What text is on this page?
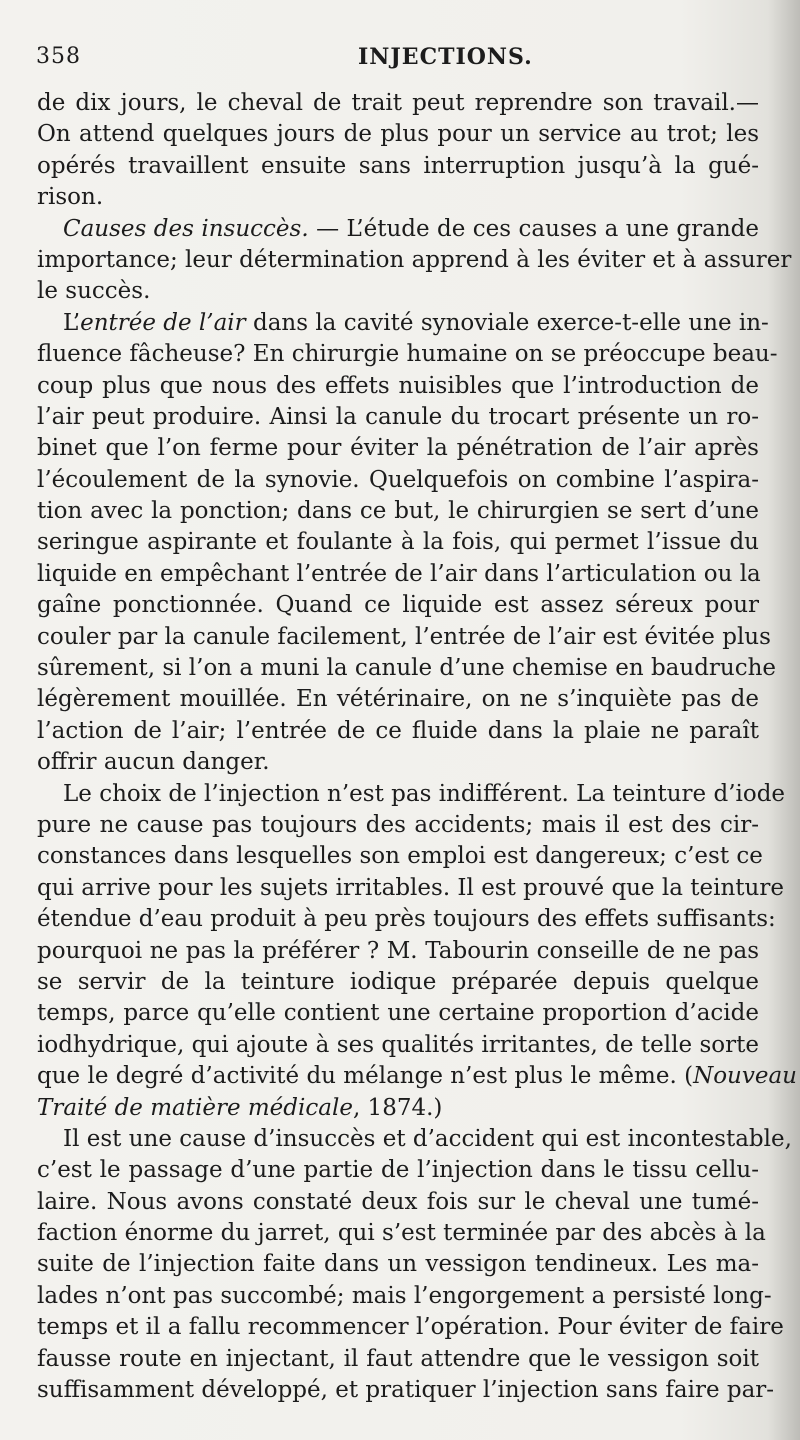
358	INJECTIONS.
de dix jours, le cheval de trait peut reprendre son travail.—
On attend quelques jours de plus pour un service au trot; les
opérés travaillent ensuite sans interruption jusqu’à la gué-
rison.
Causes des insuccès. — L’étude de ces causes a une grande
importance; leur détermination apprend à les éviter et à assurer
le succès.
L’entrée de l’air dans la cavité synoviale exerce-t-elle une in-
fluence fâcheuse? En chirurgie humaine on se préoccupe beau-
coup plus que nous des effets nuisibles que l’introduction de
l’air peut produire. Ainsi la canule du trocart présente un ro-
binet que l’on ferme pour éviter la pénétration de l’air après
l’écoulement de la synovie. Quelquefois on combine l’aspira-
tion avec la ponction; dans ce but, le chirurgien se sert d’une
seringue aspirante et foulante à la fois, qui permet l’issue du
liquide en empêchant l’entrée de l’air dans l’articulation ou la
gaîne ponctionnée. Quand ce liquide est assez séreux pour
couler par la canule facilement, l’entrée de l’air est évitée plus
sûrement, si l’on a muni la canule d’une chemise en baudruche
légèrement mouillée. En vétérinaire, on ne s’inquiète pas de
l’action de l’air; l’entrée de ce fluide dans la plaie ne paraît
offrir aucun danger.
Le choix de l’injection n’est pas indifférent. La teinture d’iode
pure ne cause pas toujours des accidents; mais il est des cir-
constances dans lesquelles son emploi est dangereux; c’est ce
qui arrive pour les sujets irritables. Il est prouvé que la teinture
étendue d’eau produit à peu près toujours des effets suffisants:
pourquoi ne pas la préférer ? M. Tabourin conseille de ne pas
se servir de la teinture iodique préparée depuis quelque
temps, parce qu’elle contient une certaine proportion d’acide
iodhydrique, qui ajoute à ses qualités irritantes, de telle sorte
que le degré d’activité du mélange n’est plus le même. (Nouveau
Traité de matière médicale, 1874.)
Il est une cause d’insuccès et d’accident qui est incontestable,
c’est le passage d’une partie de l’injection dans le tissu cellu-
laire. Nous avons constaté deux fois sur le cheval une tumé-
faction énorme du jarret, qui s’est terminée par des abcès à la
suite de l’injection faite dans un vessigon tendineux. Les ma-
lades n’ont pas succombé; mais l’engorgement a persisté long-
temps et il a fallu recommencer l’opération. Pour éviter de faire
fausse route en injectant, il faut attendre que le vessigon soit
suffisamment développé, et pratiquer l’injection sans faire par-
